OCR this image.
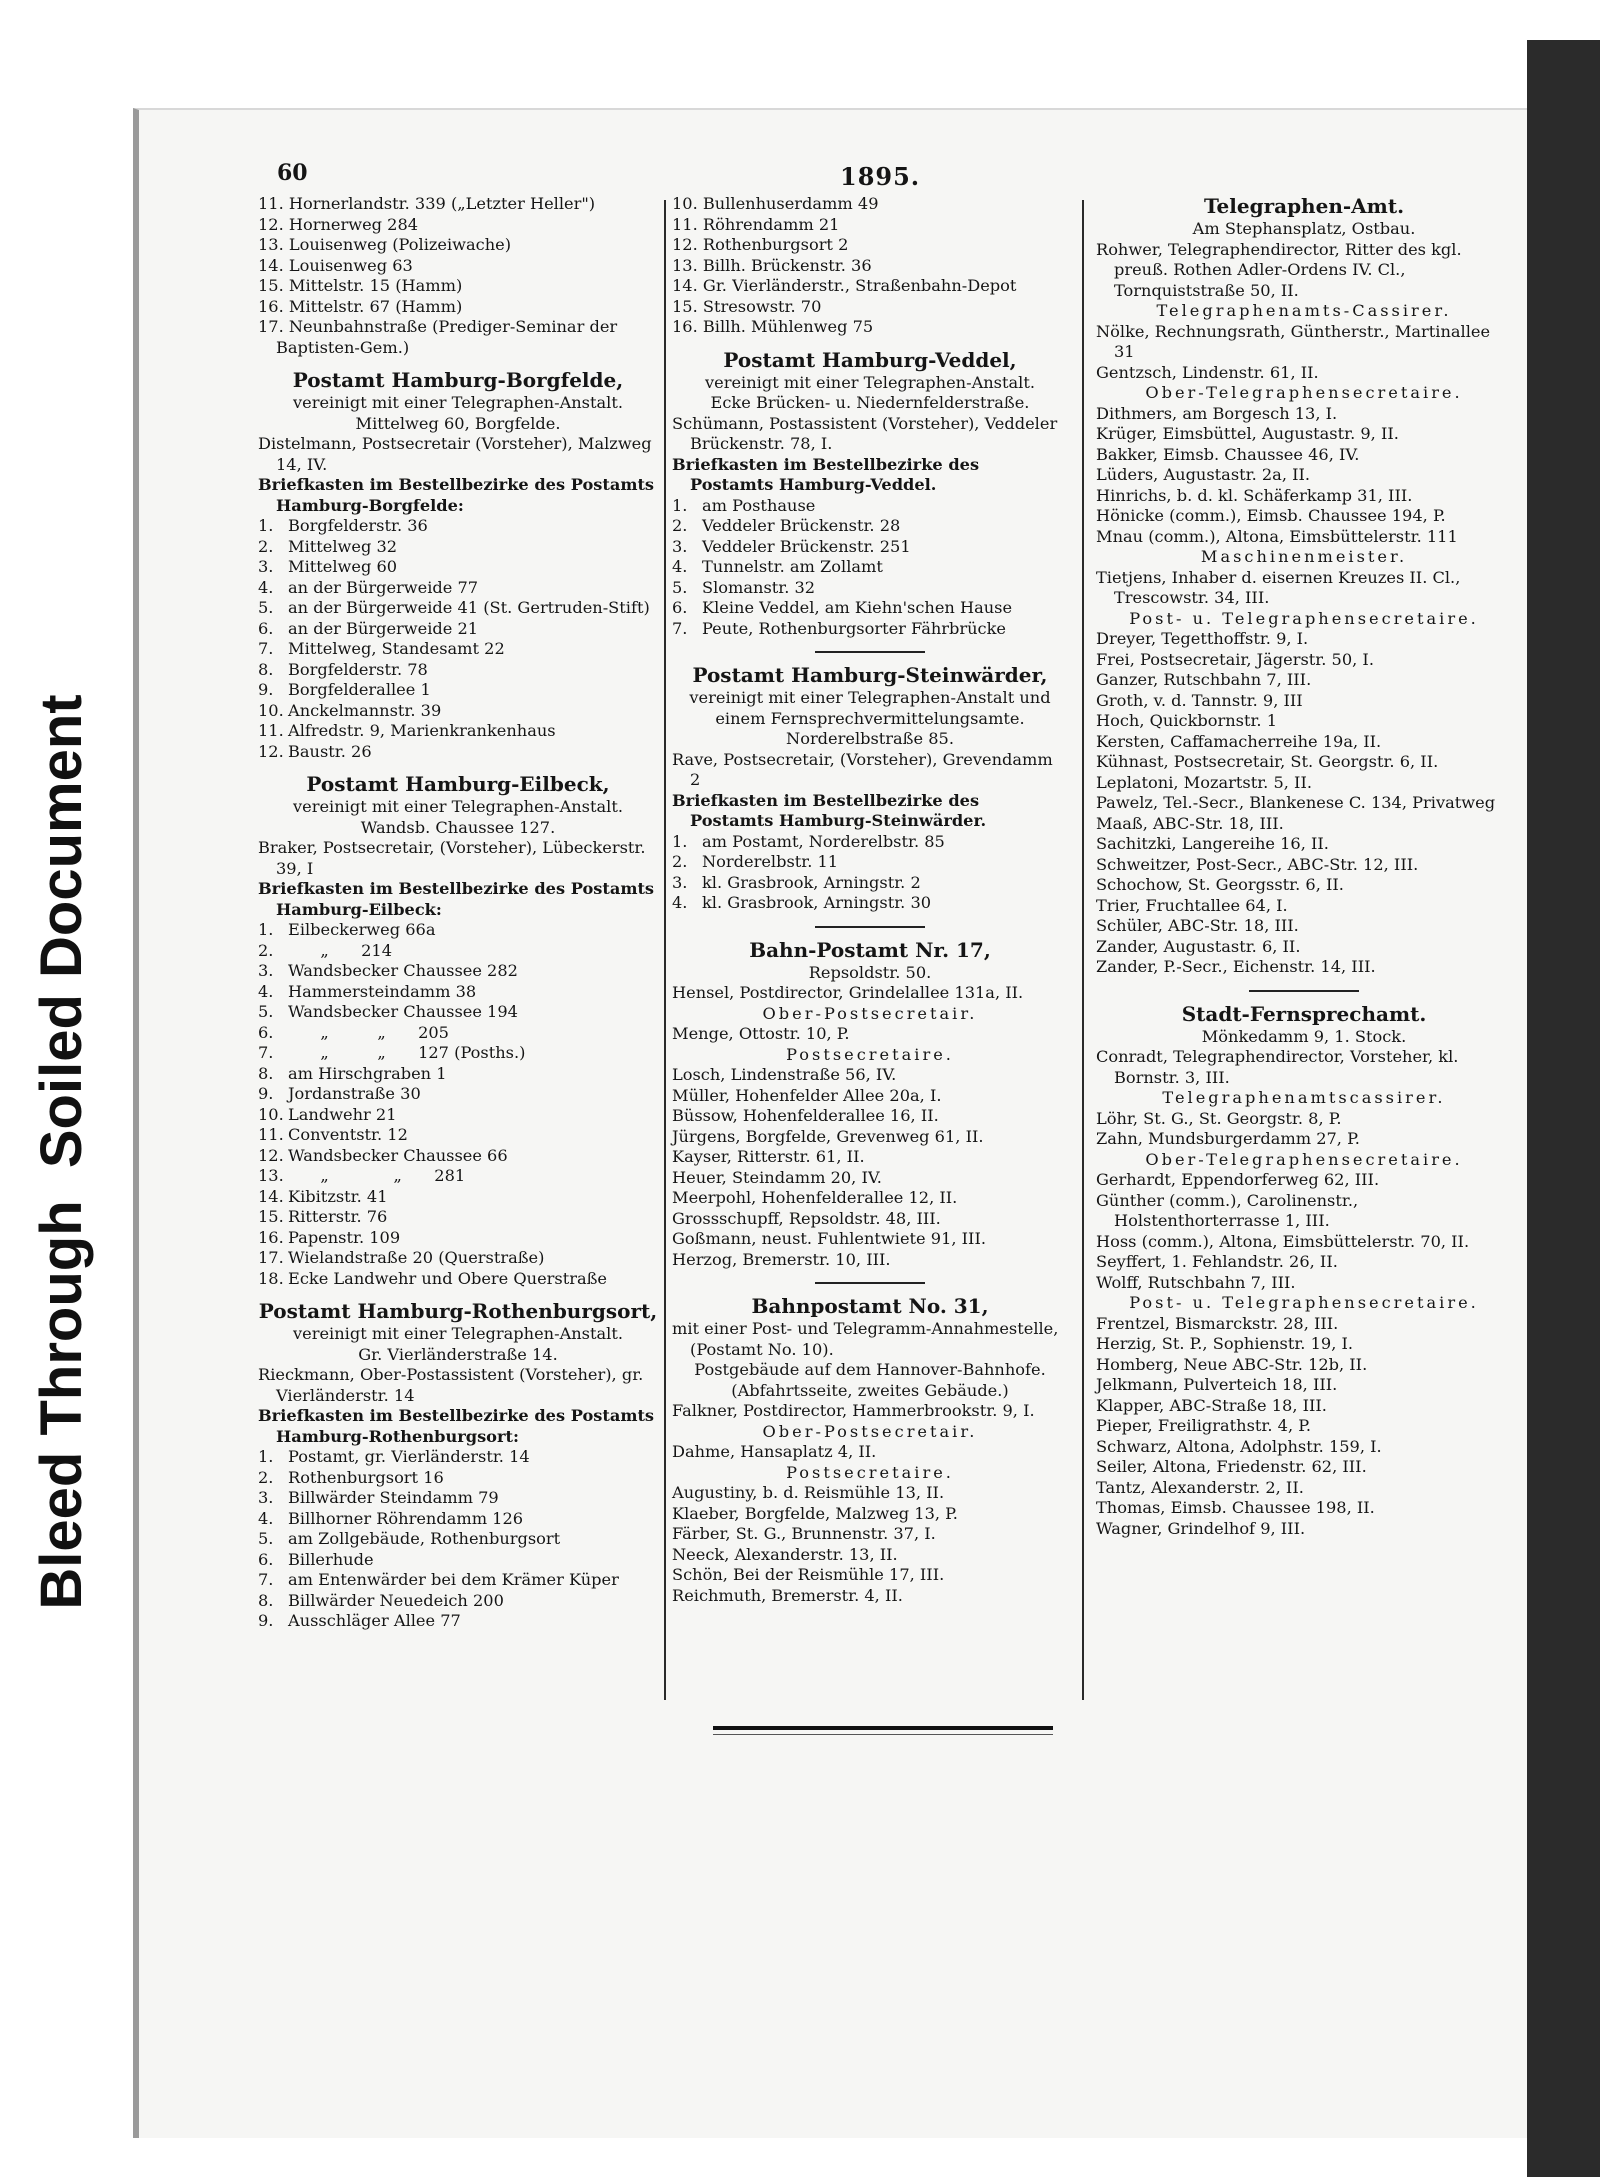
Bleed Through  Soiled Document
60	1895.
11. Hornerlandstr. 339 („Letzter Heller")
12. Hornerweg 284
13. Louisenweg (Polizeiwache)
14. Louisenweg 63
15. Mittelstr. 15 (Hamm)
16. Mittelstr. 67 (Hamm)
17. Neunbahnstraße (Prediger-Seminar der Baptisten-Gem.)
Postamt Hamburg-Borgfelde,
vereinigt mit einer Telegraphen-Anstalt.
Mittelweg 60, Borgfelde.
Distelmann, Postsecretair (Vorsteher), Malzweg 14, IV.
Briefkasten im Bestellbezirke des Postamts Hamburg-Borgfelde:
1. Borgfelderstr. 36
2. Mittelweg 32
3. Mittelweg 60
4. an der Bürgerweide 77
5. an der Bürgerweide 41 (St. Gertruden-Stift)
6. an der Bürgerweide 21
7. Mittelweg, Standesamt 22
8. Borgfelderstr. 78
9. Borgfelderallee 1
10. Anckelmannstr. 39
11. Alfredstr. 9, Marienkrankenhaus
12. Baustr. 26
Postamt Hamburg-Eilbeck,
vereinigt mit einer Telegraphen-Anstalt.
Wandsb. Chaussee 127.
Braker, Postsecretair, (Vorsteher), Lübeckerstr. 39, I
Briefkasten im Bestellbezirke des Postamts Hamburg-Eilbeck:
1. Eilbeckerweg 66a
2.   „  214
3. Wandsbecker Chaussee 282
4. Hammersteindamm 38
5. Wandsbecker Chaussee 194
6.   „   „  205
7.   „   „  127 (Posths.)
8. am Hirschgraben 1
9. Jordanstraße 30
10. Landwehr 21
11. Conventstr. 12
12. Wandsbecker Chaussee 66
13.   „    „  281
14. Kibitzstr. 41
15. Ritterstr. 76
16. Papenstr. 109
17. Wielandstraße 20 (Querstraße)
18. Ecke Landwehr und Obere Querstraße
Postamt Hamburg-Rothenburgsort,
vereinigt mit einer Telegraphen-Anstalt.
Gr. Vierländerstraße 14.
Rieckmann, Ober-Postassistent (Vorsteher), gr. Vierländerstr. 14
Briefkasten im Bestellbezirke des Postamts Hamburg-Rothenburgsort:
1. Postamt, gr. Vierländerstr. 14
2. Rothenburgsort 16
3. Billwärder Steindamm 79
4. Billhorner Röhrendamm 126
5. am Zollgebäude, Rothenburgsort
6. Billerhude
7. am Entenwärder bei dem Krämer Küper
8. Billwärder Neuedeich 200
9. Ausschläger Allee 77
10. Bullenhuserdamm 49
11. Röhrendamm 21
12. Rothenburgsort 2
13. Billh. Brückenstr. 36
14. Gr. Vierländerstr., Straßenbahn-Depot
15. Stresowstr. 70
16. Billh. Mühlenweg 75
Postamt Hamburg-Veddel,
vereinigt mit einer Telegraphen-Anstalt.
Ecke Brücken- u. Niedernfelderstraße.
Schümann, Postassistent (Vorsteher), Veddeler Brückenstr. 78, I.
Briefkasten im Bestellbezirke des Postamts Hamburg-Veddel.
1. am Posthause
2. Veddeler Brückenstr. 28
3. Veddeler Brückenstr. 251
4. Tunnelstr. am Zollamt
5. Slomanstr. 32
6. Kleine Veddel, am Kiehn'schen Hause
7. Peute, Rothenburgsorter Fährbrücke
Postamt Hamburg-Steinwärder,
vereinigt mit einer Telegraphen-Anstalt und
einem Fernsprechvermittelungsamte.
Norderelbstraße 85.
Rave, Postsecretair, (Vorsteher), Grevendamm 2
Briefkasten im Bestellbezirke des Postamts Hamburg-Steinwärder.
1. am Postamt, Norderelbstr. 85
2. Norderelbstr. 11
3. kl. Grasbrook, Arningstr. 2
4. kl. Grasbrook, Arningstr. 30
Bahn-Postamt Nr. 17,
Repsoldstr. 50.
Hensel, Postdirector, Grindelallee 131a, II.
Ober-Postsecretair.
Menge, Ottostr. 10, P.
Postsecretaire.
Losch, Lindenstraße 56, IV.
Müller, Hohenfelder Allee 20a, I.
Büssow, Hohenfelderallee 16, II.
Jürgens, Borgfelde, Grevenweg 61, II.
Kayser, Ritterstr. 61, II.
Heuer, Steindamm 20, IV.
Meerpohl, Hohenfelderallee 12, II.
Grossschupff, Repsoldstr. 48, III.
Goßmann, neust. Fuhlentwiete 91, III.
Herzog, Bremerstr. 10, III.
Bahnpostamt No. 31,
mit einer Post- und Telegramm-Annahmestelle, (Postamt No. 10).
Postgebäude auf dem Hannover-Bahnhofe.
(Abfahrtsseite, zweites Gebäude.)
Falkner, Postdirector, Hammerbrookstr. 9, I.
Ober-Postsecretair.
Dahme, Hansaplatz 4, II.
Postsecretaire.
Augustiny, b. d. Reismühle 13, II.
Klaeber, Borgfelde, Malzweg 13, P.
Färber, St. G., Brunnenstr. 37, I.
Neeck, Alexanderstr. 13, II.
Schön, Bei der Reismühle 17, III.
Reichmuth, Bremerstr. 4, II.
Telegraphen-Amt.
Am Stephansplatz, Ostbau.
Rohwer, Telegraphendirector, Ritter des kgl. preuß. Rothen Adler-Ordens IV. Cl., Tornquiststraße 50, II.
Telegraphenamts-Cassirer.
Nölke, Rechnungsrath, Güntherstr., Martinallee 31
Gentzsch, Lindenstr. 61, II.
Ober-Telegraphensecretaire.
Dithmers, am Borgesch 13, I.
Krüger, Eimsbüttel, Augustastr. 9, II.
Bakker, Eimsb. Chaussee 46, IV.
Lüders, Augustastr. 2a, II.
Hinrichs, b. d. kl. Schäferkamp 31, III.
Hönicke (comm.), Eimsb. Chaussee 194, P.
Mnau (comm.), Altona, Eimsbüttelerstr. 111
Maschinenmeister.
Tietjens, Inhaber d. eisernen Kreuzes II. Cl., Trescowstr. 34, III.
Post- u. Telegraphensecretaire.
Dreyer, Tegetthoffstr. 9, I.
Frei, Postsecretair, Jägerstr. 50, I.
Ganzer, Rutschbahn 7, III.
Groth, v. d. Tannstr. 9, III
Hoch, Quickbornstr. 1
Kersten, Caffamacherreihe 19a, II.
Kühnast, Postsecretair, St. Georgstr. 6, II.
Leplatoni, Mozartstr. 5, II.
Pawelz, Tel.-Secr., Blankenese C. 134, Privatweg
Maaß, ABC-Str. 18, III.
Sachitzki, Langereihe 16, II.
Schweitzer, Post-Secr., ABC-Str. 12, III.
Schochow, St. Georgsstr. 6, II.
Trier, Fruchtallee 64, I.
Schüler, ABC-Str. 18, III.
Zander, Augustastr. 6, II.
Zander, P.-Secr., Eichenstr. 14, III.
Stadt-Fernsprechamt.
Mönkedamm 9, 1. Stock.
Conradt, Telegraphendirector, Vorsteher, kl. Bornstr. 3, III.
Telegraphenamtscassirer.
Löhr, St. G., St. Georgstr. 8, P.
Zahn, Mundsburgerdamm 27, P.
Ober-Telegraphensecretaire.
Gerhardt, Eppendorferweg 62, III.
Günther (comm.), Carolinenstr., Holstenthorterrasse 1, III.
Hoss (comm.), Altona, Eimsbüttelerstr. 70, II.
Seyffert, 1. Fehlandstr. 26, II.
Wolff, Rutschbahn 7, III.
Post- u. Telegraphensecretaire.
Frentzel, Bismarckstr. 28, III.
Herzig, St. P., Sophienstr. 19, I.
Homberg, Neue ABC-Str. 12b, II.
Jelkmann, Pulverteich 18, III.
Klapper, ABC-Straße 18, III.
Pieper, Freiligrathstr. 4, P.
Schwarz, Altona, Adolphstr. 159, I.
Seiler, Altona, Friedenstr. 62, III.
Tantz, Alexanderstr. 2, II.
Thomas, Eimsb. Chaussee 198, II.
Wagner, Grindelhof 9, III.
